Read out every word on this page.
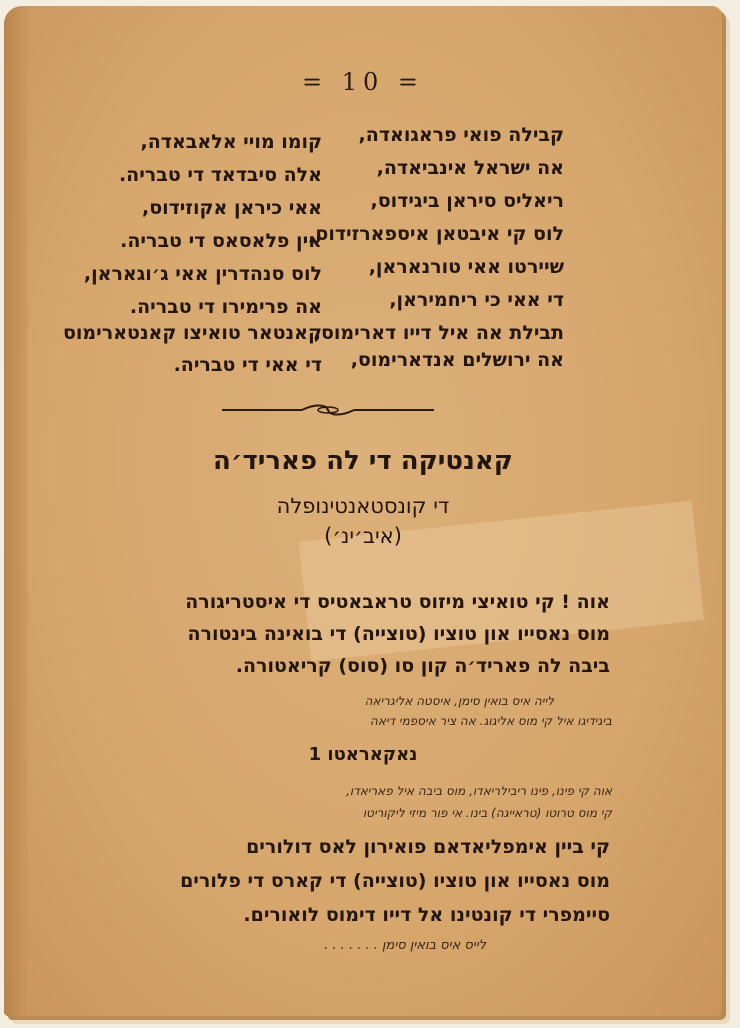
= 10 =
קבילה פואי פראגואדה,
אה ישראל אינביאדה,
ריאליס סיראן ביגידוס,
לוס קי איבטאן איספארזידוס,
שיירטו אאי טורנאראן,
די אאי כי ריחמיראן,
תבילת אה איל דייו דארימוס,
אה ירושלים אנדארימוס,
קומו מויי אלאבאדה,
אלה סיבדאד די טבריה.
אאי כיראן אקוזידוס,
אין פלאסאס די טבריה.
לוס סנהדרין אאי ג׳וגאראן,
אה פרימירו די טבריה.
קאנטאר טואיצו קאנטארימוס
די אאי די טבריה.
קאנטיקה די לה פאריד׳ה
די קונסטאנטינופלה
(איב׳ינ׳)
אוה ! קי טואיצי מיזוס טראבאטיס די איסטריגורה
מוס נאסייו און טוציו (טוצייה) די בואינה בינטורה
ביבה לה פאריד׳ה קון סו (סוס) קריאטורה.
לייה איס בואין סימן, איסטה אליגריאה
ביגידיגו איל קי מוס אליגוג. אה ציר איספמי דיאה
נאקאראטו 1
אוה קי פינו, פינו ריבילריאדו, מוס ביבה איל פאריאדו,
קי מוס טרוטו (טראייגה) בינו. אי פור מיזי ליקוריטו
קי ביין אימפליאדאם פואירון לאס דולורים
מוס נאסייו און טוציו (טוצייה) די קארס די פלורים
סיימפרי די קונטינו אל דייו דימוס לואורים.
לייס איס בואין סימן . . . . . . .
